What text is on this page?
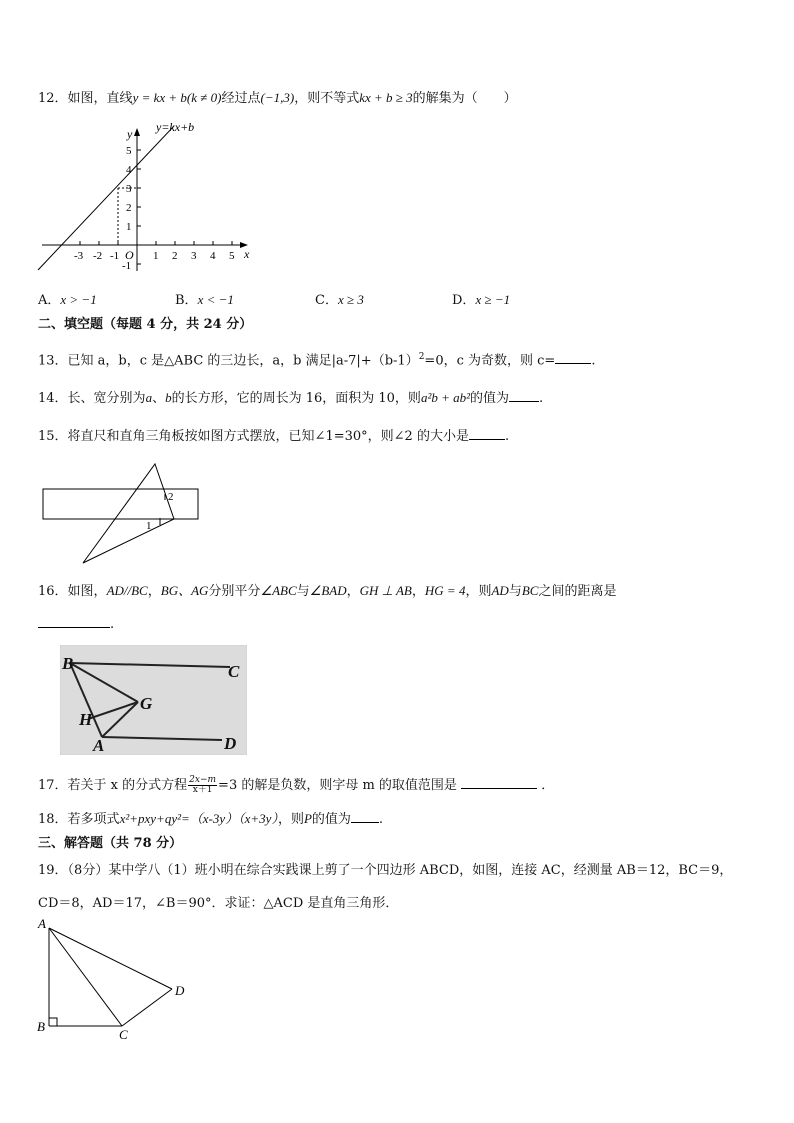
12．如图，直线y = kx + b(k ≠ 0)经过点(−1,3)，则不等式kx + b ≥ 3的解集为（　　）
y=kx+b
y
x
O
-3 -2 -1	1 2 3 4 5
5
4
3
2
1
-1
A．x > −1	B．x < −1	C．x ≥ 3	D．x ≥ −1
二、填空题（每题 4 分，共 24 分）
13．已知 a，b，c 是△ABC 的三边长，a，b 满足$|a-7|+(b-1)^2=0$，c 为奇数，则 c=	.
14．长、宽分别为a、b的长方形，它的周长为 16，面积为 10，则a²b + ab²的值为 .
15．将直尺和直角三角板按如图方式摆放，已知∠1=30°，则∠2 的大小是	.
2
1
16．如图，AD//BC，BG、AG分别平分∠ABC与∠BAD，GH ⊥ AB，HG = 4，则AD与BC之间的距离是
.
B	C
G
H
A	D
17．若关于 x 的分式方程 $\frac{2x-m}{x+1} =3$ 的解是负数，则字母 m 的取值范围是	．
18．若多项式x²+pxy+qy²=（x-3y）（x+3y），则P的值为 .
三、解答题（共 78 分）
19．（8分）某中学八（1）班小明在综合实践课上剪了一个四边形 ABCD，如图，连接 AC，经测量 AB＝12，BC＝9，
CD＝8，AD＝17，∠B＝90°．求证：△ACD 是直角三角形．
A
B
C
D
